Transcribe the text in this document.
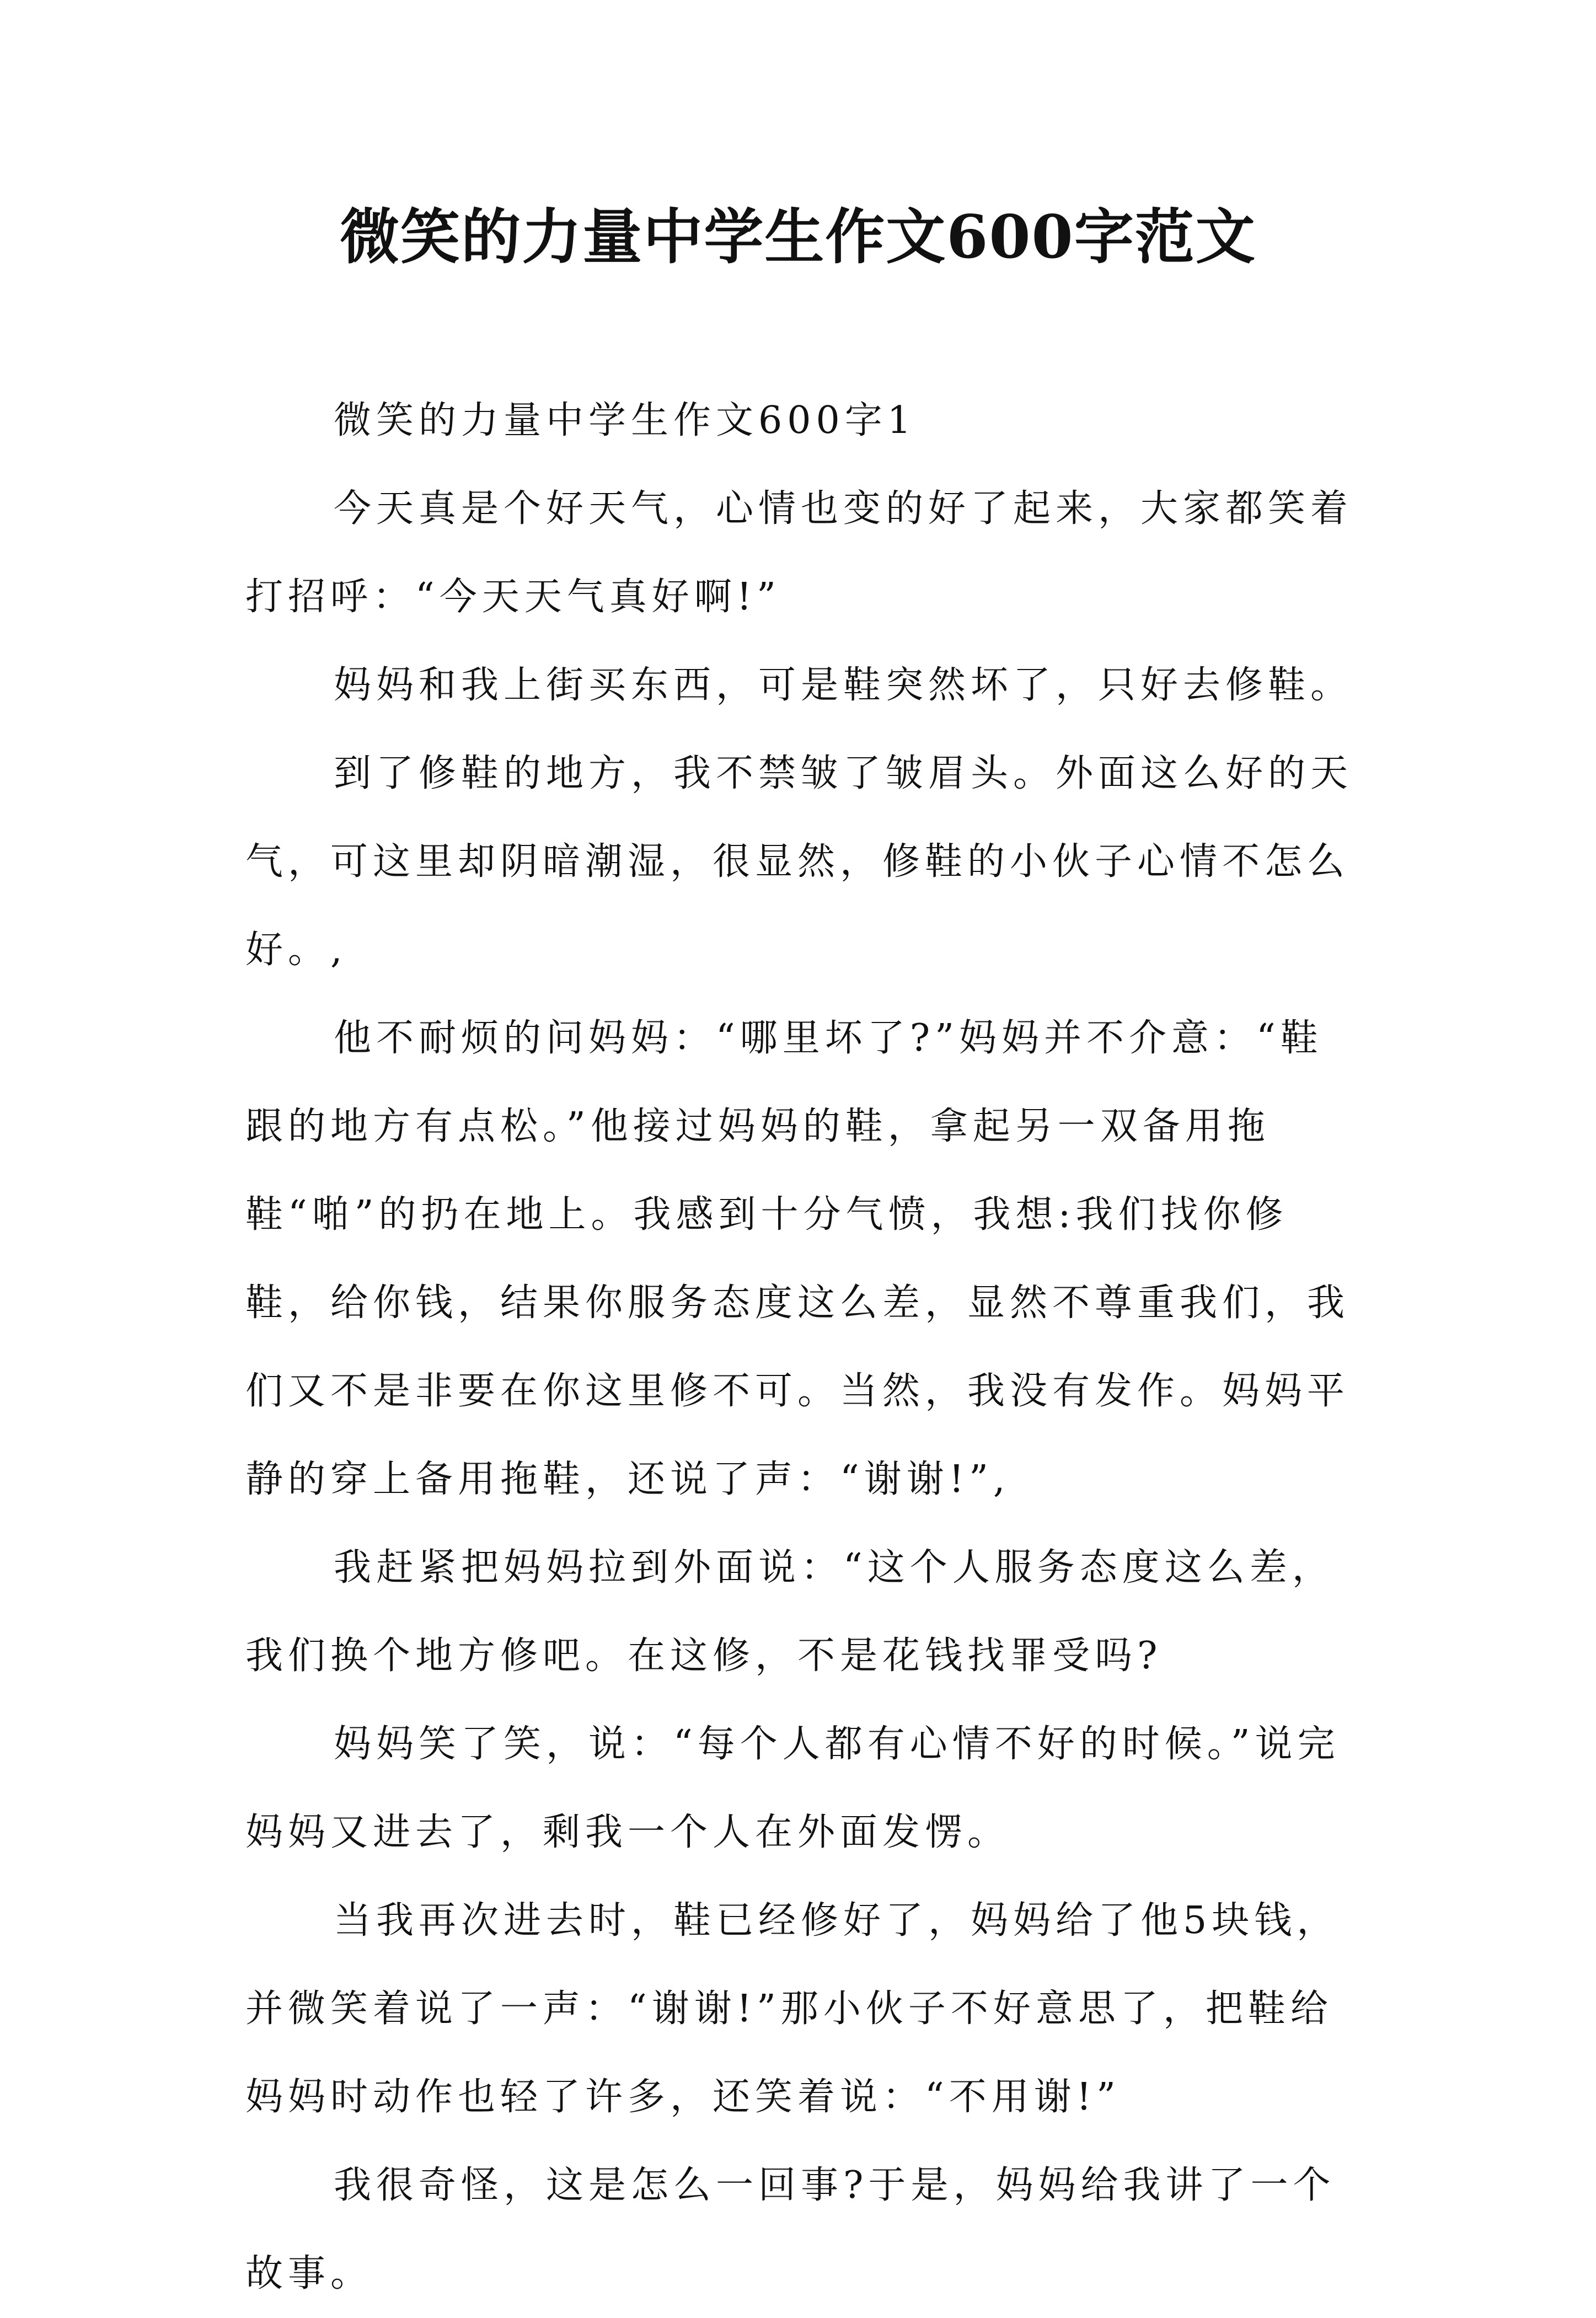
微笑的力量中学生作文600字范文

微笑的力量中学生作文600字1

今天真是个好天气，心情也变的好了起来，大家都笑着打招呼：“今天天气真好啊!”

妈妈和我上街买东西，可是鞋突然坏了，只好去修鞋。

到了修鞋的地方，我不禁皱了皱眉头。外面这么好的天气，可这里却阴暗潮湿，很显然，修鞋的小伙子心情不怎么好。,

他不耐烦的问妈妈：“哪里坏了?”妈妈并不介意：“鞋跟的地方有点松。”他接过妈妈的鞋，拿起另一双备用拖鞋“啪”的扔在地上。我感到十分气愤，我想:我们找你修鞋，给你钱，结果你服务态度这么差，显然不尊重我们，我们又不是非要在你这里修不可。当然，我没有发作。妈妈平静的穿上备用拖鞋，还说了声：“谢谢!”,

我赶紧把妈妈拉到外面说：“这个人服务态度这么差，我们换个地方修吧。在这修，不是花钱找罪受吗?

妈妈笑了笑，说：“每个人都有心情不好的时候。”说完妈妈又进去了，剩我一个人在外面发愣。

当我再次进去时，鞋已经修好了，妈妈给了他5块钱，并微笑着说了一声：“谢谢!”那小伙子不好意思了，把鞋给妈妈时动作也轻了许多，还笑着说：“不用谢!”

我很奇怪，这是怎么一回事?于是，妈妈给我讲了一个故事。
